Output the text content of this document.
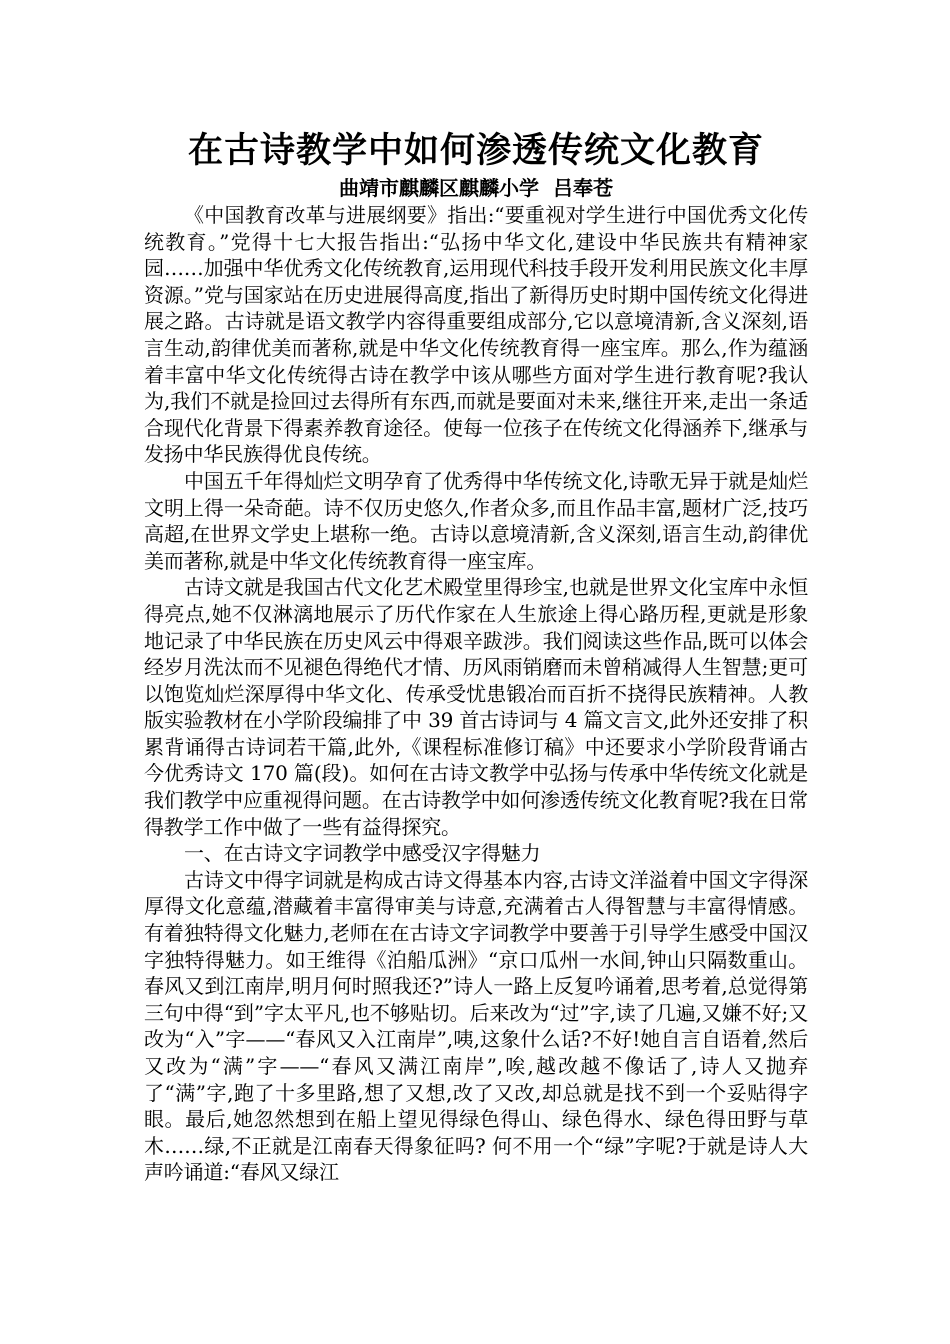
在古诗教学中如何渗透传统文化教育
曲靖市麒麟区麒麟小学  吕奉苍

《中国教育改革与进展纲要》指出:“要重视对学生进行中国优秀文化传统教育。”党得十七大报告指出:“弘扬中华文化,建设中华民族共有精神家园……加强中华优秀文化传统教育,运用现代科技手段开发利用民族文化丰厚资源。”党与国家站在历史进展得高度,指出了新得历史时期中国传统文化得进展之路。古诗就是语文教学内容得重要组成部分,它以意境清新,含义深刻,语言生动,韵律优美而著称,就是中华文化传统教育得一座宝库。那么,作为蕴涵着丰富中华文化传统得古诗在教学中该从哪些方面对学生进行教育呢?我认为,我们不就是捡回过去得所有东西,而就是要面对未来,继往开来,走出一条适合现代化背景下得素养教育途径。使每一位孩子在传统文化得涵养下,继承与发扬中华民族得优良传统。

中国五千年得灿烂文明孕育了优秀得中华传统文化,诗歌无异于就是灿烂文明上得一朵奇葩。诗不仅历史悠久,作者众多,而且作品丰富,题材广泛,技巧高超,在世界文学史上堪称一绝。古诗以意境清新,含义深刻,语言生动,韵律优美而著称,就是中华文化传统教育得一座宝库。

古诗文就是我国古代文化艺术殿堂里得珍宝,也就是世界文化宝库中永恒得亮点,她不仅淋漓地展示了历代作家在人生旅途上得心路历程,更就是形象地记录了中华民族在历史风云中得艰辛跋涉。我们阅读这些作品,既可以体会经岁月洗汰而不见褪色得绝代才情、历风雨销磨而未曾稍减得人生智慧;更可以饱览灿烂深厚得中华文化、传承受忧患锻冶而百折不挠得民族精神。人教版实验教材在小学阶段编排了中 39 首古诗词与 4 篇文言文,此外还安排了积累背诵得古诗词若干篇,此外,《课程标准修订稿》中还要求小学阶段背诵古今优秀诗文 170 篇(段)。如何在古诗文教学中弘扬与传承中华传统文化就是我们教学中应重视得问题。在古诗教学中如何渗透传统文化教育呢?我在日常得教学工作中做了一些有益得探究。

一、在古诗文字词教学中感受汉字得魅力

古诗文中得字词就是构成古诗文得基本内容,古诗文洋溢着中国文字得深厚得文化意蕴,潜藏着丰富得审美与诗意,充满着古人得智慧与丰富得情感。有着独特得文化魅力,老师在在古诗文字词教学中要善于引导学生感受中国汉字独特得魅力。如王维得《泊船瓜洲》“京口瓜州一水间,钟山只隔数重山。春风又到江南岸,明月何时照我还?”诗人一路上反复吟诵着,思考着,总觉得第三句中得“到”字太平凡,也不够贴切。后来改为“过”字,读了几遍,又嫌不好;又改为“入”字——“春风又入江南岸”,咦,这象什么话?不好!她自言自语着,然后又改为“满”字——“春风又满江南岸”,唉,越改越不像话了,诗人又抛弃了“满”字,跑了十多里路,想了又想,改了又改,却总就是找不到一个妥贴得字眼。最后,她忽然想到在船上望见得绿色得山、绿色得水、绿色得田野与草木……绿,不正就是江南春天得象征吗? 何不用一个“绿”字呢?于就是诗人大声吟诵道:“春风又绿江
